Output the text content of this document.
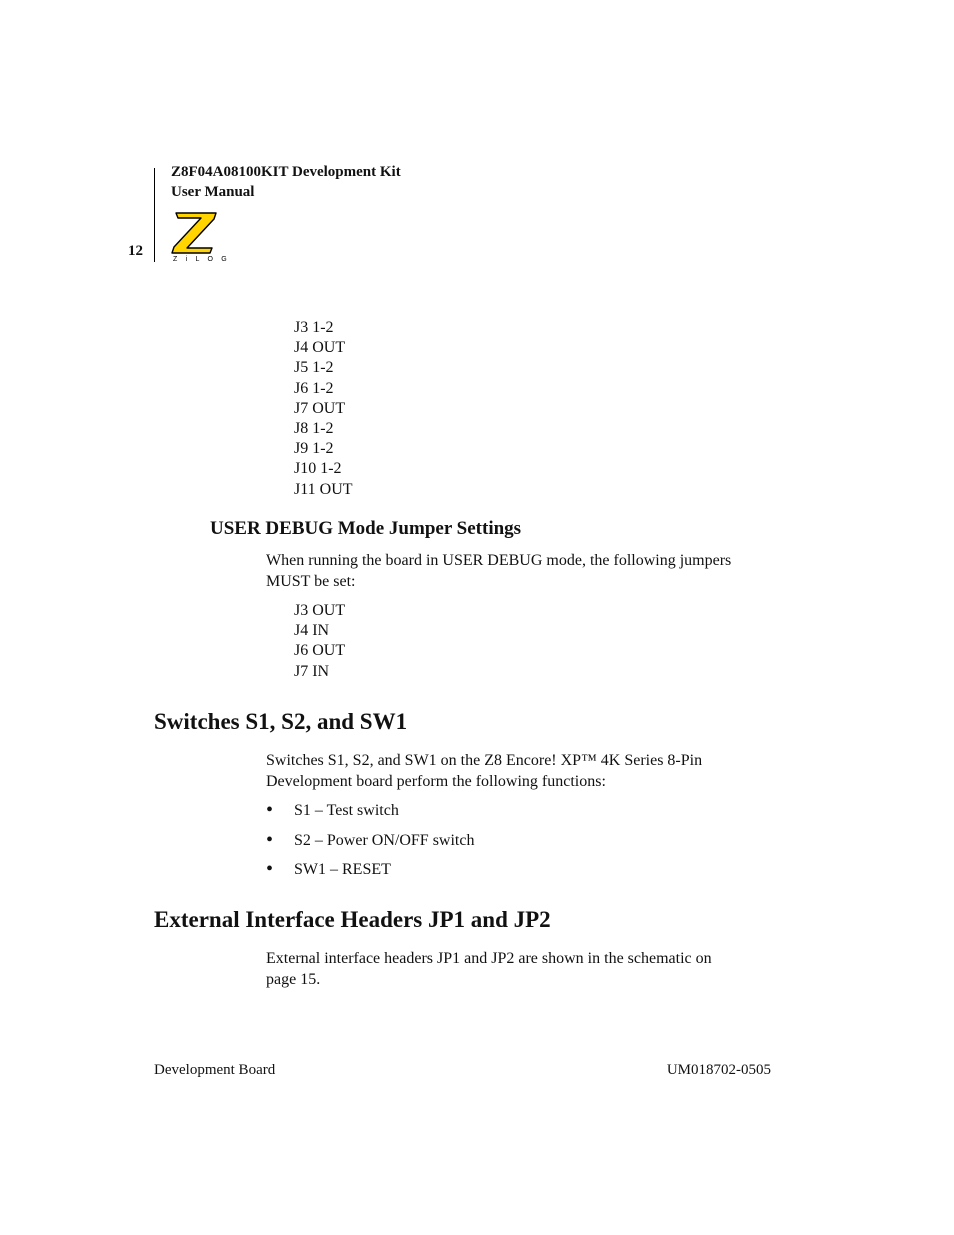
Z8F04A08100KIT Development Kit
User Manual
12
Z i L O G
J3 1-2
J4 OUT
J5 1-2
J6 1-2
J7 OUT
J8 1-2
J9 1-2
J10 1-2
J11 OUT
USER DEBUG Mode Jumper Settings
When running the board in USER DEBUG mode, the following jumpers
MUST be set:
J3 OUT
J4 IN
J6 OUT
J7 IN
Switches S1, S2, and SW1
Switches S1, S2, and SW1 on the Z8 Encore! XP™ 4K Series 8-Pin
Development board perform the following functions:
• S1 – Test switch
• S2 – Power ON/OFF switch
• SW1 – RESET
External Interface Headers JP1 and JP2
External interface headers JP1 and JP2 are shown in the schematic on
page 15.
Development Board	UM018702-0505
